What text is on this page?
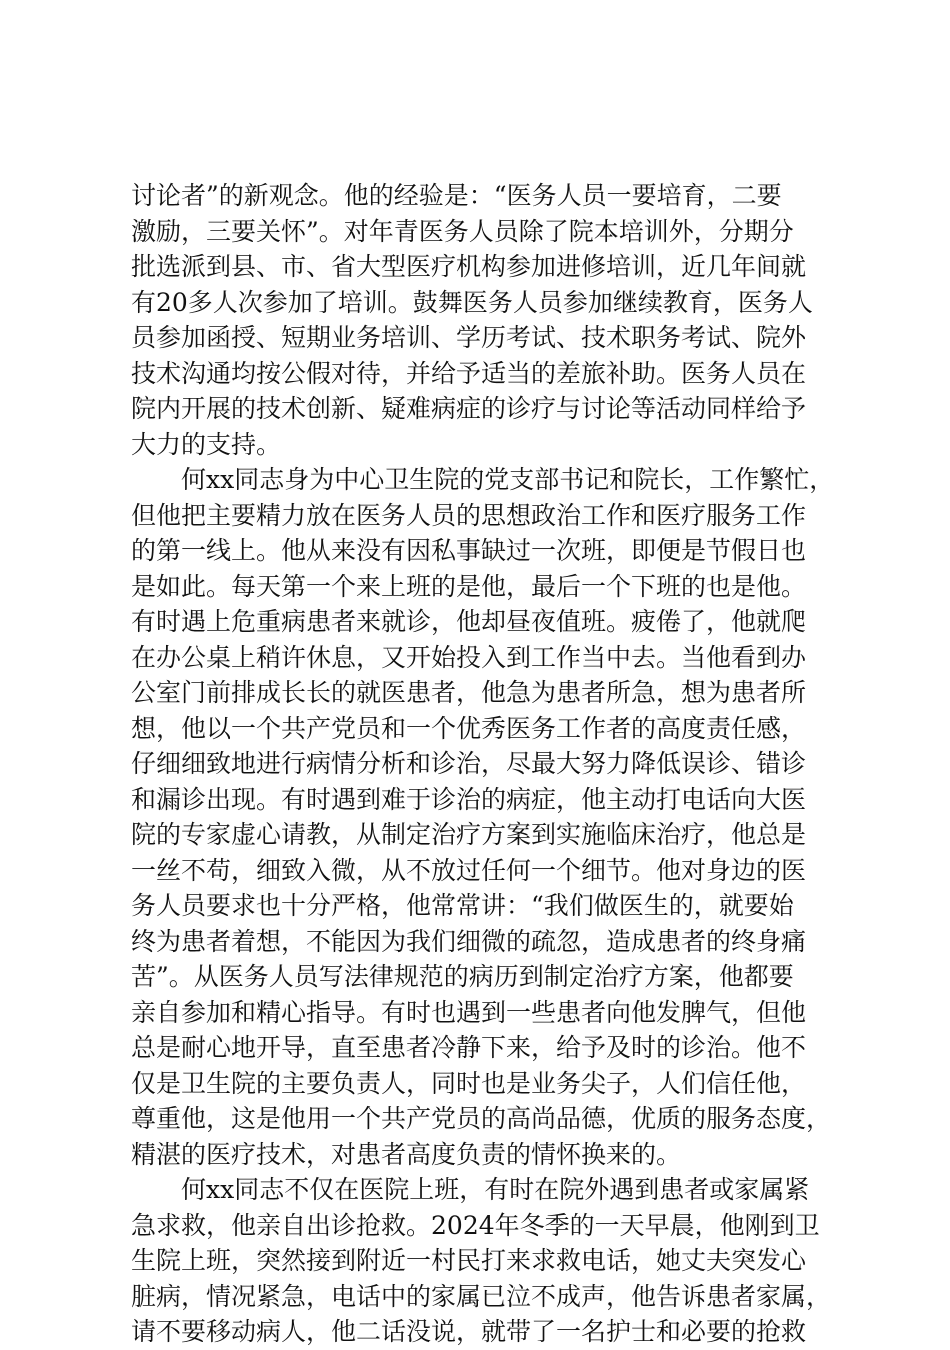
讨论者”的新观念。他的经验是：“医务人员一要培育，二要
激励，三要关怀”。对年青医务人员除了院本培训外，分期分
批选派到县、市、省大型医疗机构参加进修培训，近几年间就
有20多人次参加了培训。鼓舞医务人员参加继续教育，医务人
员参加函授、短期业务培训、学历考试、技术职务考试、院外
技术沟通均按公假对待，并给予适当的差旅补助。医务人员在
院内开展的技术创新、疑难病症的诊疗与讨论等活动同样给予
大力的支持。
何xx同志身为中心卫生院的党支部书记和院长，工作繁忙，
但他把主要精力放在医务人员的思想政治工作和医疗服务工作
的第一线上。他从来没有因私事缺过一次班，即便是节假日也
是如此。每天第一个来上班的是他，最后一个下班的也是他。
有时遇上危重病患者来就诊，他却昼夜值班。疲倦了，他就爬
在办公桌上稍许休息，又开始投入到工作当中去。当他看到办
公室门前排成长长的就医患者，他急为患者所急，想为患者所
想，他以一个共产党员和一个优秀医务工作者的高度责任感，
仔细细致地进行病情分析和诊治，尽最大努力降低误诊、错诊
和漏诊出现。有时遇到难于诊治的病症，他主动打电话向大医
院的专家虚心请教，从制定治疗方案到实施临床治疗，他总是
一丝不苟，细致入微，从不放过任何一个细节。他对身边的医
务人员要求也十分严格，他常常讲：“我们做医生的，就要始
终为患者着想，不能因为我们细微的疏忽，造成患者的终身痛
苦”。从医务人员写法律规范的病历到制定治疗方案，他都要
亲自参加和精心指导。有时也遇到一些患者向他发脾气，但他
总是耐心地开导，直至患者冷静下来，给予及时的诊治。他不
仅是卫生院的主要负责人，同时也是业务尖子，人们信任他，
尊重他，这是他用一个共产党员的高尚品德，优质的服务态度，
精湛的医疗技术，对患者高度负责的情怀换来的。
何xx同志不仅在医院上班，有时在院外遇到患者或家属紧
急求救，他亲自出诊抢救。2024年冬季的一天早晨，他刚到卫
生院上班，突然接到附近一村民打来求救电话，她丈夫突发心
脏病，情况紧急，电话中的家属已泣不成声，他告诉患者家属，
请不要移动病人，他二话没说，就带了一名护士和必要的抢救
